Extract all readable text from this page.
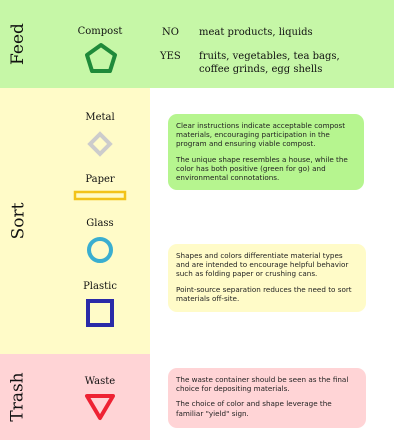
Feed
Sort
Trash
Compost	NO meat products, liquids
YES fruits, vegetables, tea bags,
coffee grinds, egg shells
Metal
Paper
Glass
Plastic
Waste

Clear instructions indicate acceptable compost materials, encouraging participation in the program and ensuring viable compost.

The unique shape resembles a house, while the color has both positive (green for go) and environmental connotations.

Shapes and colors differentiate material types and are intended to encourage helpful behavior such as folding paper or crushing cans.

Point-source separation reduces the need to sort materials off-site.

The waste container should be seen as the final choice for depositing materials.

The choice of color and shape leverage the familiar "yield" sign.
